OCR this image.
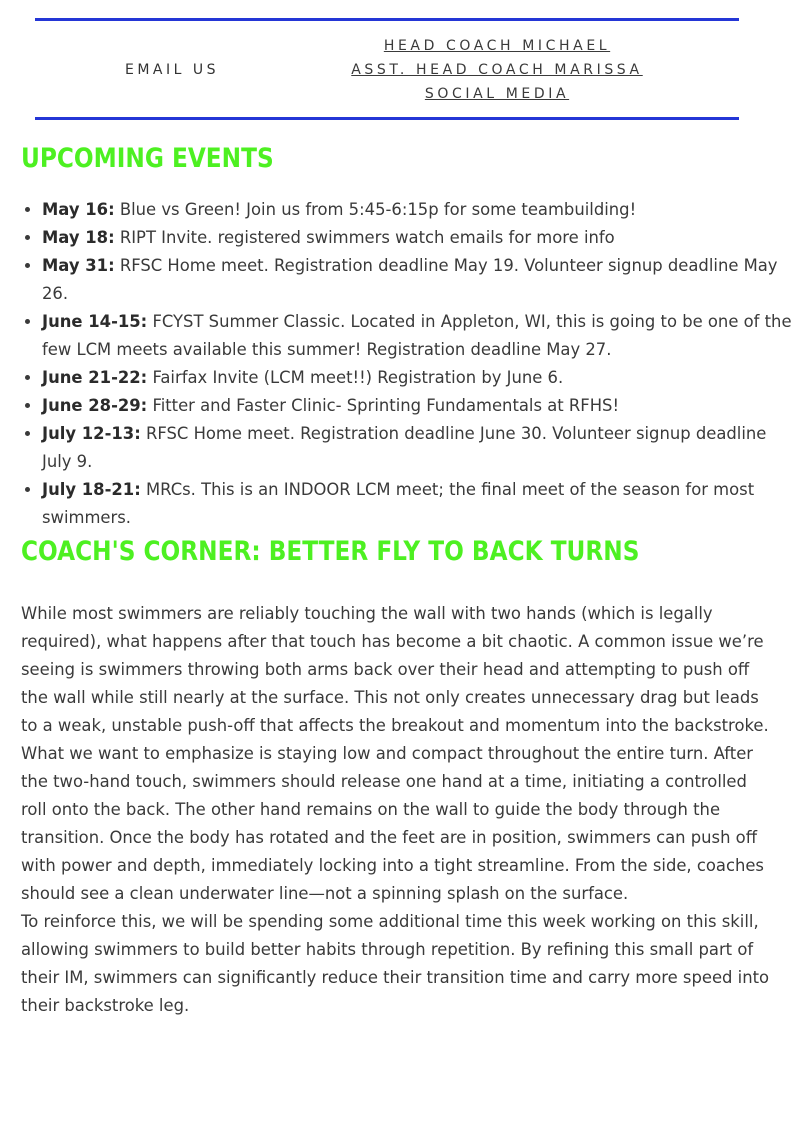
EMAIL US
HEAD COACH MICHAEL
ASST. HEAD COACH MARISSA
SOCIAL MEDIA
UPCOMING EVENTS
• May 16: Blue vs Green! Join us from 5:45-6:15p for some teambuilding!
• May 18: RIPT Invite. registered swimmers watch emails for more info
• May 31: RFSC Home meet. Registration deadline May 19. Volunteer signup deadline May 26.
• June 14-15: FCYST Summer Classic. Located in Appleton, WI, this is going to be one of the few LCM meets available this summer! Registration deadline May 27.
• June 21-22: Fairfax Invite (LCM meet!!) Registration by June 6.
• June 28-29: Fitter and Faster Clinic- Sprinting Fundamentals at RFHS!
• July 12-13: RFSC Home meet. Registration deadline June 30. Volunteer signup deadline July 9.
• July 18-21: MRCs. This is an INDOOR LCM meet; the final meet of the season for most swimmers.
COACH'S CORNER: BETTER FLY TO BACK TURNS

While most swimmers are reliably touching the wall with two hands (which is legally required), what happens after that touch has become a bit chaotic. A common issue we’re seeing is swimmers throwing both arms back over their head and attempting to push off the wall while still nearly at the surface. This not only creates unnecessary drag but leads to a weak, unstable push-off that affects the breakout and momentum into the backstroke.

What we want to emphasize is staying low and compact throughout the entire turn. After the two-hand touch, swimmers should release one hand at a time, initiating a controlled roll onto the back. The other hand remains on the wall to guide the body through the transition. Once the body has rotated and the feet are in position, swimmers can push off with power and depth, immediately locking into a tight streamline. From the side, coaches should see a clean underwater line—not a spinning splash on the surface.

To reinforce this, we will be spending some additional time this week working on this skill, allowing swimmers to build better habits through repetition. By refining this small part of their IM, swimmers can significantly reduce their transition time and carry more speed into their backstroke leg.
